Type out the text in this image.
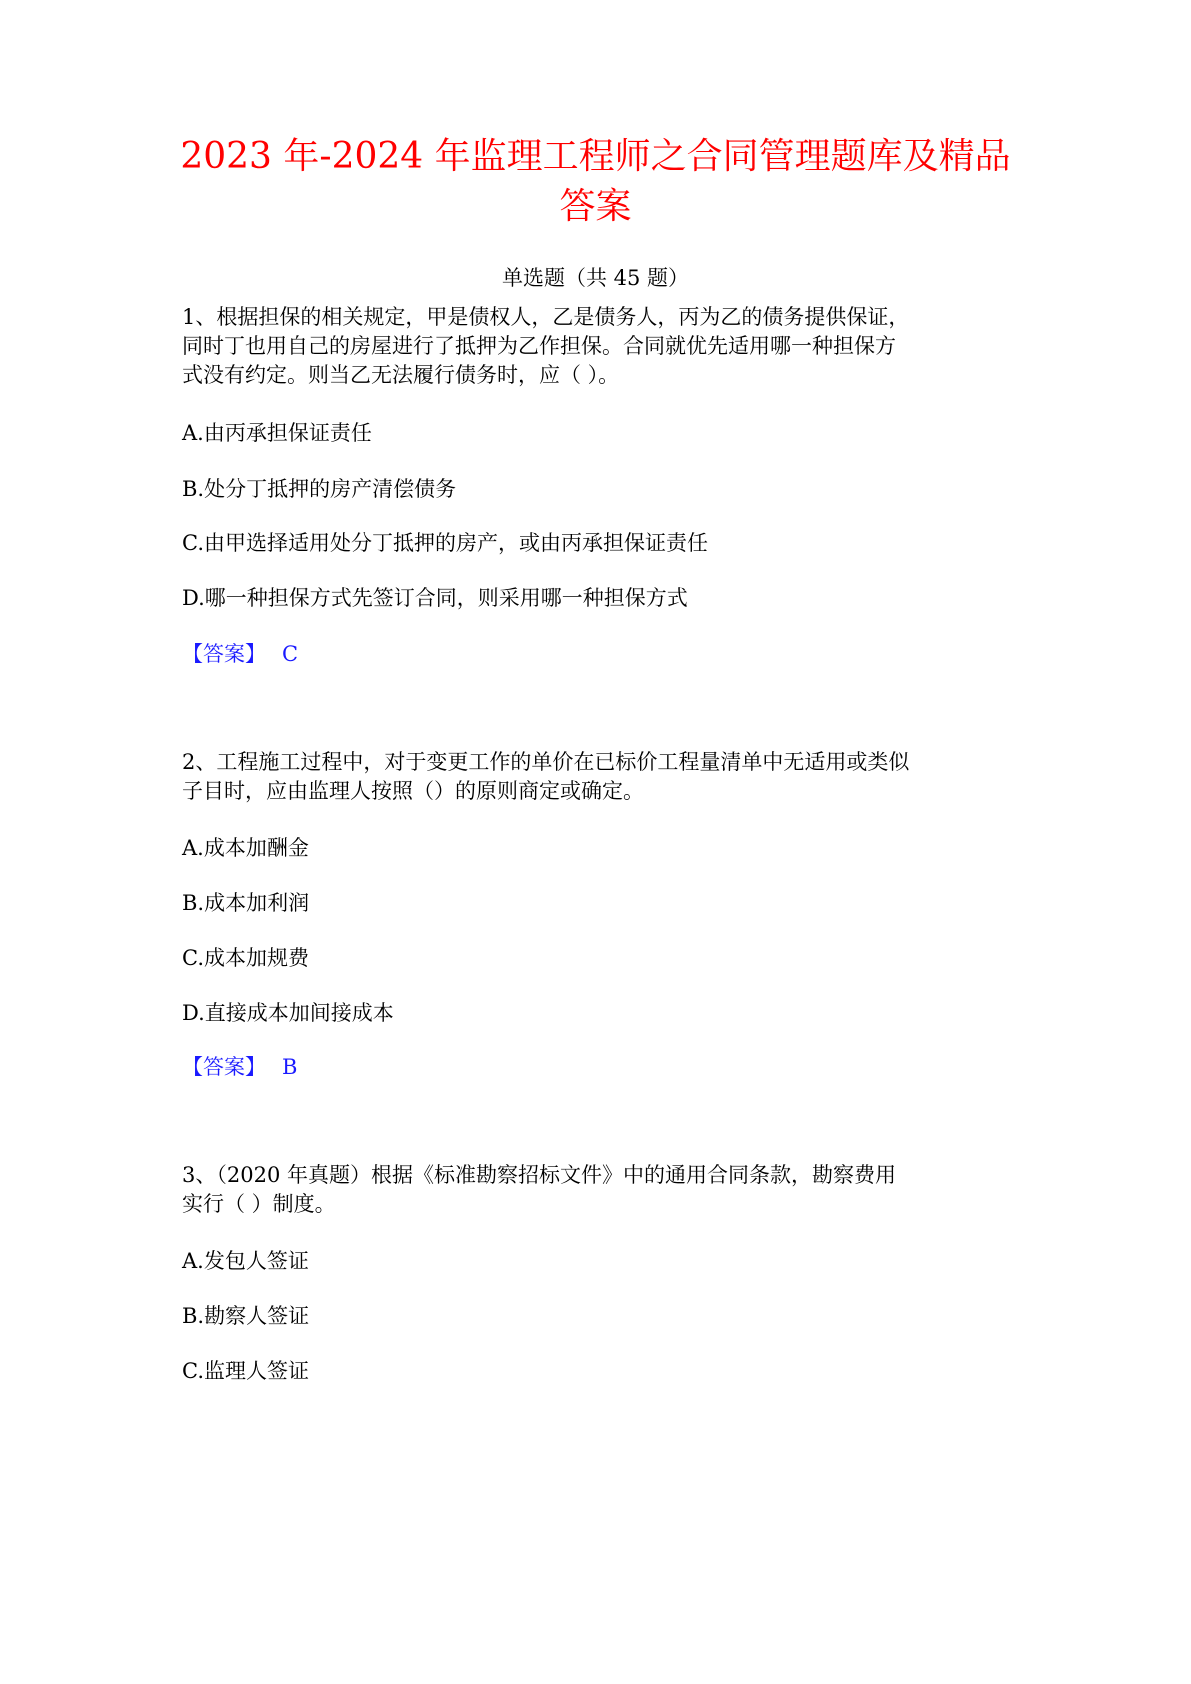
2023 年-2024 年监理工程师之合同管理题库及精品
答案
单选题（共 45 题）
1、根据担保的相关规定，甲是债权人，乙是债务人，丙为乙的债务提供保证，
同时丁也用自己的房屋进行了抵押为乙作担保。合同就优先适用哪一种担保方
式没有约定。则当乙无法履行债务时，应（ ）。
A.由丙承担保证责任
B.处分丁抵押的房产清偿债务
C.由甲选择适用处分丁抵押的房产，或由丙承担保证责任
D.哪一种担保方式先签订合同，则采用哪一种担保方式
【答案】 C
2、工程施工过程中，对于变更工作的单价在已标价工程量清单中无适用或类似
子目时，应由监理人按照（）的原则商定或确定。
A.成本加酬金
B.成本加利润
C.成本加规费
D.直接成本加间接成本
【答案】 B
3、（2020 年真题）根据《标准勘察招标文件》中的通用合同条款，勘察费用
实行（ ）制度。
A.发包人签证
B.勘察人签证
C.监理人签证
